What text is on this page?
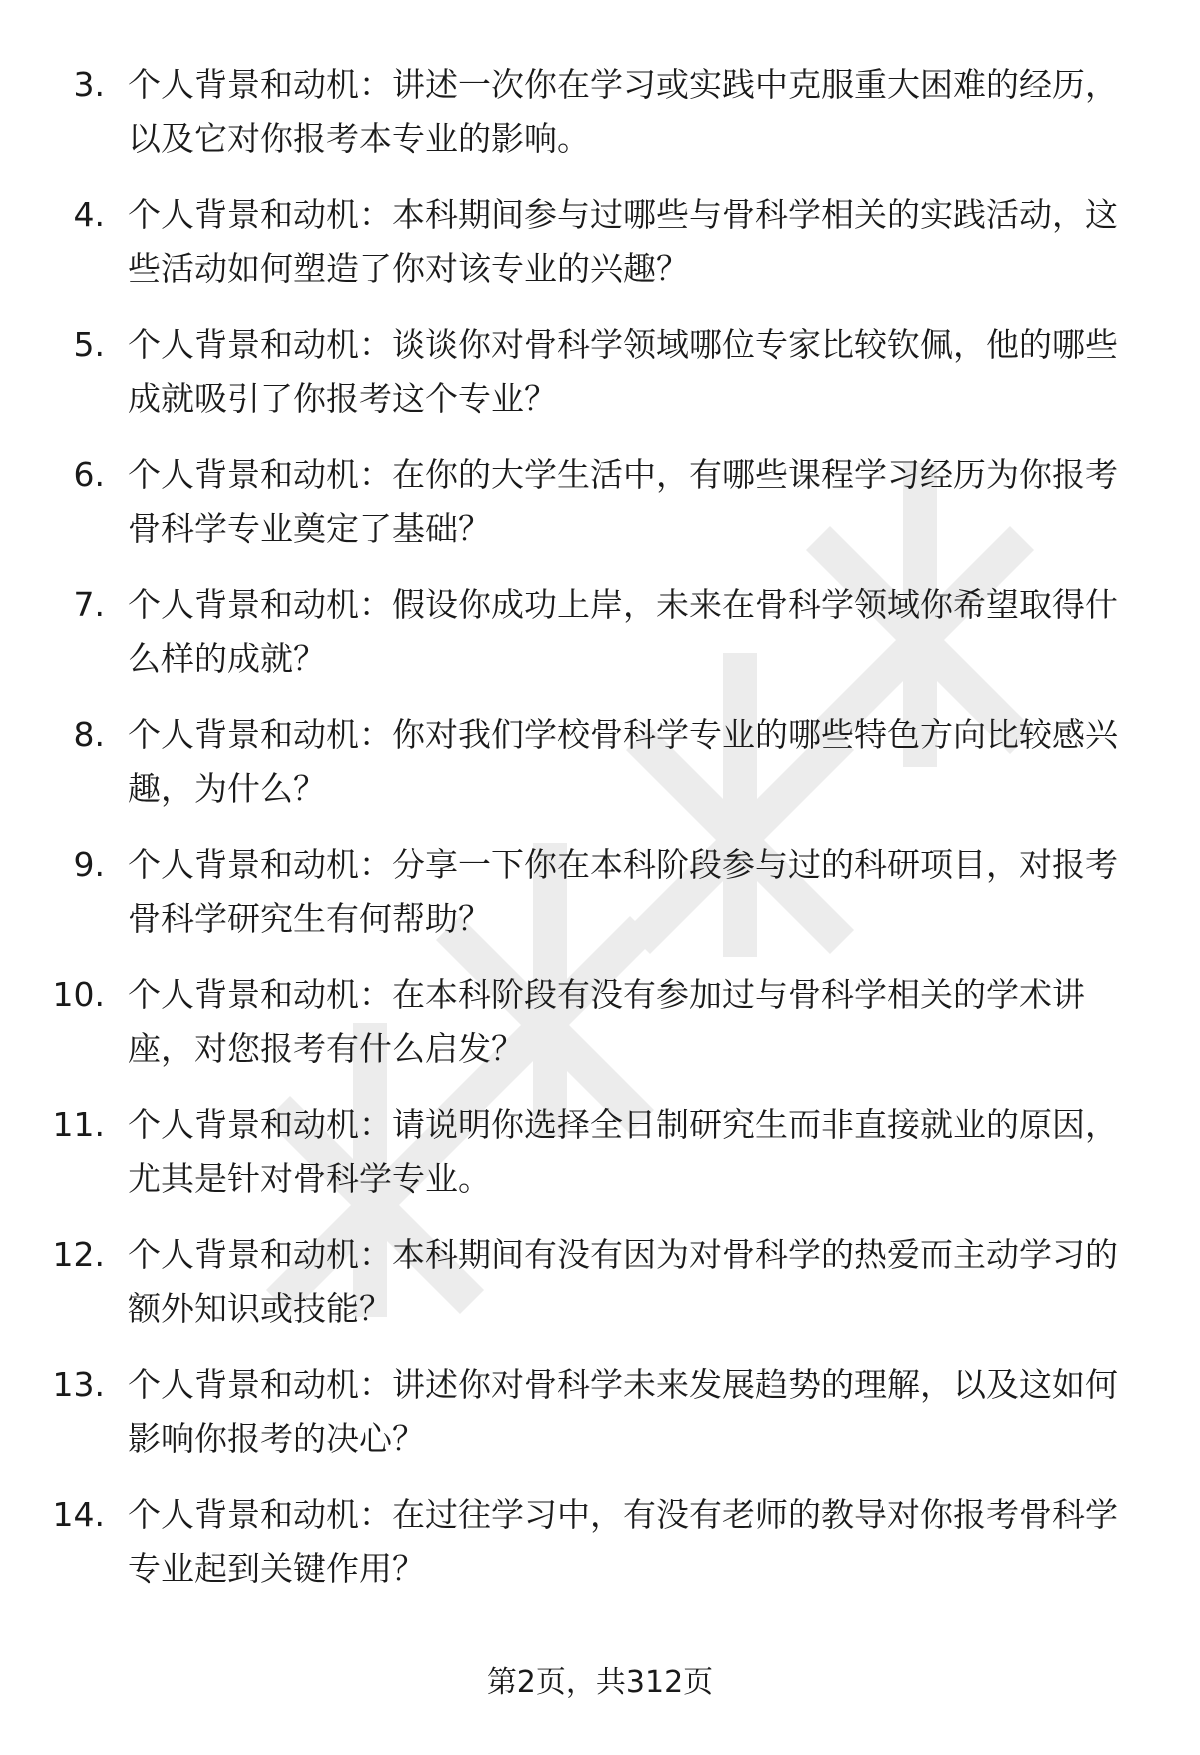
3. 个人背景和动机：讲述一次你在学习或实践中克服重大困难的经历，以及它对你报考本专业的影响。
4. 个人背景和动机：本科期间参与过哪些与骨科学相关的实践活动，这些活动如何塑造了你对该专业的兴趣？
5. 个人背景和动机：谈谈你对骨科学领域哪位专家比较钦佩，他的哪些成就吸引了你报考这个专业？
6. 个人背景和动机：在你的大学生活中，有哪些课程学习经历为你报考骨科学专业奠定了基础？
7. 个人背景和动机：假设你成功上岸，未来在骨科学领域你希望取得什么样的成就？
8. 个人背景和动机：你对我们学校骨科学专业的哪些特色方向比较感兴趣，为什么？
9. 个人背景和动机：分享一下你在本科阶段参与过的科研项目，对报考骨科学研究生有何帮助？
10. 个人背景和动机：在本科阶段有没有参加过与骨科学相关的学术讲座，对您报考有什么启发？
11. 个人背景和动机：请说明你选择全日制研究生而非直接就业的原因，尤其是针对骨科学专业。
12. 个人背景和动机：本科期间有没有因为对骨科学的热爱而主动学习的额外知识或技能？
13. 个人背景和动机：讲述你对骨科学未来发展趋势的理解，以及这如何影响你报考的决心？
14. 个人背景和动机：在过往学习中，有没有老师的教导对你报考骨科学专业起到关键作用？
第2页，共312页
